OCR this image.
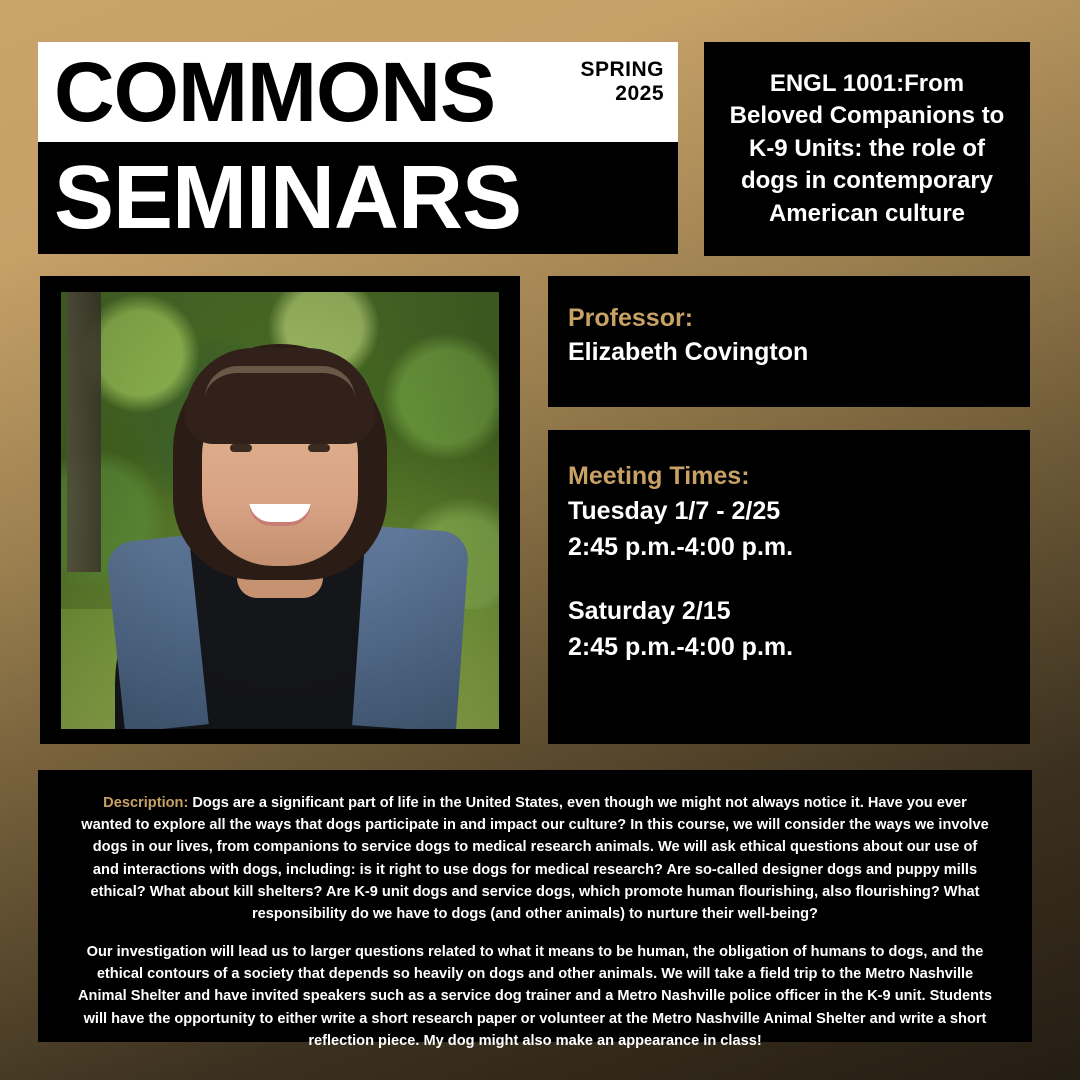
COMMONS	SPRING
2025
SEMINARS
ENGL 1001:From Beloved Companions to K-9 Units: the role of dogs in contemporary American culture
Professor:
Elizabeth Covington
Meeting Times:
Tuesday 1/7 - 2/25
2:45 p.m.-4:00 p.m.
Saturday 2/15
2:45 p.m.-4:00 p.m.

Description: Dogs are a significant part of life in the United States, even though we might not always notice it. Have you ever wanted to explore all the ways that dogs participate in and impact our culture? In this course, we will consider the ways we involve dogs in our lives, from companions to service dogs to medical research animals. We will ask ethical questions about our use of and interactions with dogs, including: is it right to use dogs for medical research? Are so-called designer dogs and puppy mills ethical? What about kill shelters? Are K-9 unit dogs and service dogs, which promote human flourishing, also flourishing? What responsibility do we have to dogs (and other animals) to nurture their well-being?

Our investigation will lead us to larger questions related to what it means to be human, the obligation of humans to dogs, and the ethical contours of a society that depends so heavily on dogs and other animals. We will take a field trip to the Metro Nashville Animal Shelter and have invited speakers such as a service dog trainer and a Metro Nashville police officer in the K-9 unit. Students will have the opportunity to either write a short research paper or volunteer at the Metro Nashville Animal Shelter and write a short reflection piece. My dog might also make an appearance in class!
